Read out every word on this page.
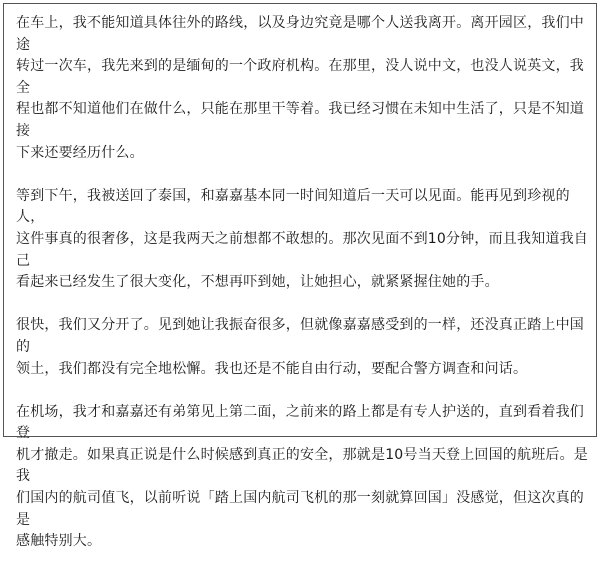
在车上，我不能知道具体往外的路线，以及身边究竟是哪个人送我离开。离开园区，我们中途
转过一次车，我先来到的是缅甸的一个政府机构。在那里，没人说中文，也没人说英文，我全
程也都不知道他们在做什么，只能在那里干等着。我已经习惯在未知中生活了，只是不知道接
下来还要经历什么。

等到下午，我被送回了泰国，和嘉嘉基本同一时间知道后一天可以见面。能再见到珍视的人，
这件事真的很奢侈，这是我两天之前想都不敢想的。那次见面不到10分钟，而且我知道我自己
看起来已经发生了很大变化，不想再吓到她，让她担心，就紧紧握住她的手。

很快，我们又分开了。见到她让我振奋很多，但就像嘉嘉感受到的一样，还没真正踏上中国的
领土，我们都没有完全地松懈。我也还是不能自由行动，要配合警方调查和问话。

在机场，我才和嘉嘉还有弟第见上第二面，之前来的路上都是有专人护送的，直到看着我们登
机才撤走。如果真正说是什么时候感到真正的安全，那就是10号当天登上回国的航班后。是我
们国内的航司值飞，以前听说「踏上国内航司飞机的那一刻就算回国」没感觉，但这次真的是
感触特别大。
